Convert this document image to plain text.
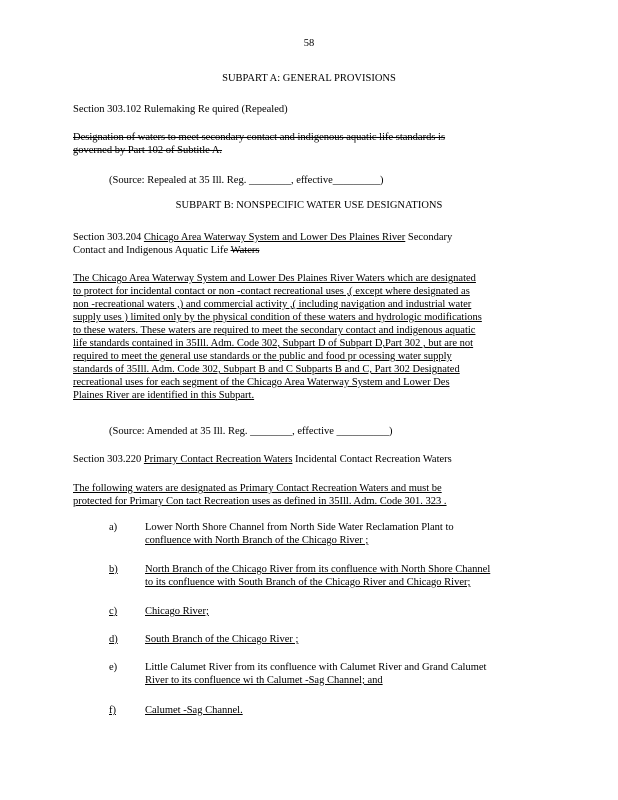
58
SUBPART A: GENERAL PROVISIONS
Section 303.102 Rulemaking Re quired (Repealed)
Designation of waters to meet secondary contact and indigenous aquatic life standards is
governed by Part 102 of Subtitle A.
(Source: Repealed at 35 Ill. Reg. ________, effective_________)
SUBPART B: NONSPECIFIC WATER USE DESIGNATIONS
Section 303.204 Chicago Area Waterway System and Lower Des Plaines River Secondary
Contact and Indigenous Aquatic Life Waters
The Chicago Area Waterway System and Lower Des Plaines River Waters which are designated
to protect for incidental contact or non -contact recreational uses ,( except where designated as
non -recreational waters ,) and commercial activity ,( including navigation and industrial water
supply uses ) limited only by the physical condition of these waters and hydrologic modifications
to these waters. These waters are required to meet the secondary contact and indigenous aquatic
life standards contained in 35Ill. Adm. Code 302, Subpart D of Subpart D,Part 302 , but are not
required to meet the general use standards or the public and food pr ocessing water supply
standards of 35Ill. Adm. Code 302, Subpart B and C Subparts B and C, Part 302 Designated
recreational uses for each segment of the Chicago Area Waterway System and Lower Des
Plaines River are identified in this Subpart.
(Source: Amended at 35 Ill. Reg. ________, effective __________)
Section 303.220 Primary Contact Recreation Waters Incidental Contact Recreation Waters
The following waters are designated as Primary Contact Recreation Waters and must be
protected for Primary Con tact Recreation uses as defined in 35Ill. Adm. Code 301. 323 .
a)	Lower North Shore Channel from North Side Water Reclamation Plant to
confluence with North Branch of the Chicago River ;
b)	North Branch of the Chicago River from its confluence with North Shore Channel
to its confluence with South Branch of the Chicago River and Chicago River;
c)	Chicago River;
d)	South Branch of the Chicago River ;
e)	Little Calumet River from its confluence with Calumet River and Grand Calumet
River to its confluence wi th Calumet -Sag Channel; and
f)	Calumet -Sag Channel.
